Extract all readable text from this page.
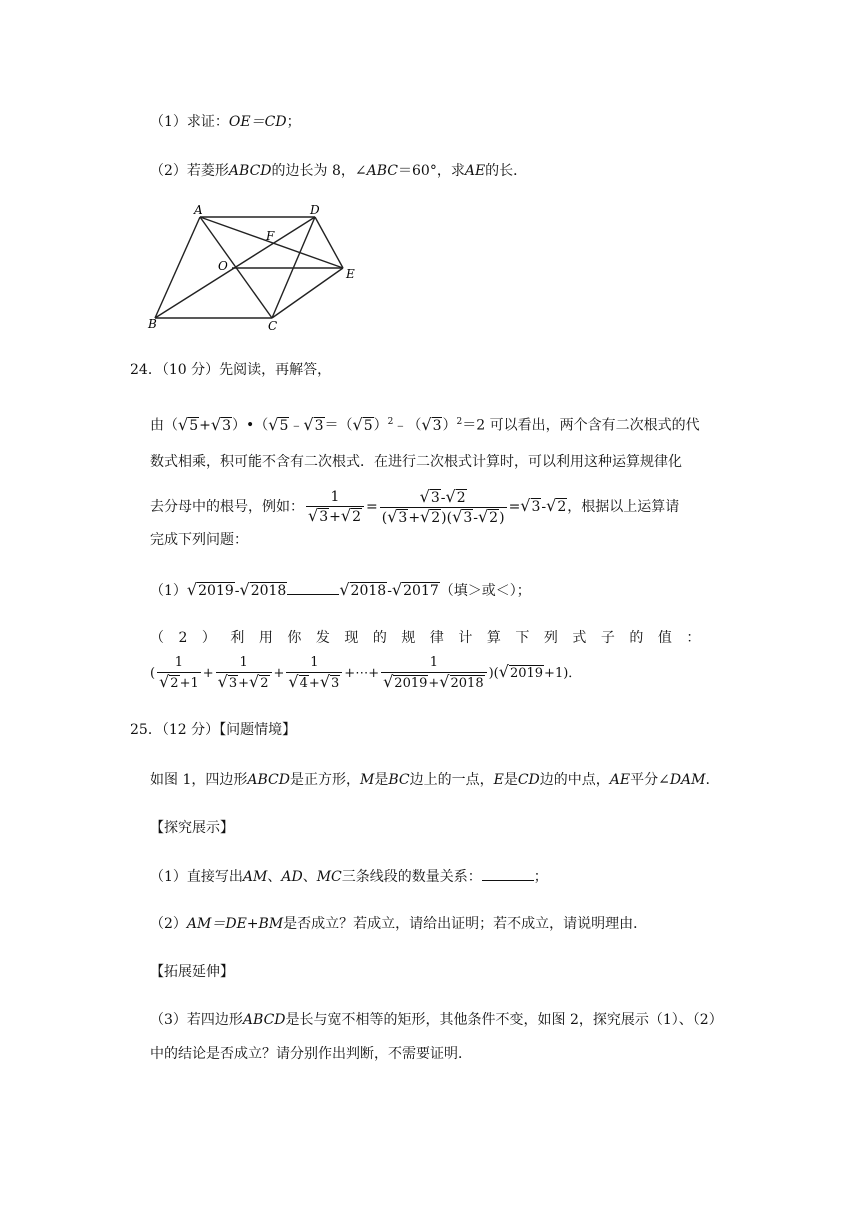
（1）求证：OE＝CD；
（2）若菱形ABCD的边长为 8，∠ABC＝60°，求AE的长．
A	D
F
O
E
B	C
24．（10 分）先阅读，再解答，
由$(√5+√3)•(√5﹣√3=(√5)^2﹣(√3)^2=2$ 可以看出，两个含有二次根式的代
数式相乘，积可能不含有二次根式．在进行二次根式计算时，可以利用这种运算规律化
去分母中的根号，例如： $\frac{1}{√3+√2} = \frac{√3-√2}{(√3+√2)(√3-√2)} =√3-√2$，根据以上运算请
完成下列问题：
（1）√2019-√2018	√2018-√2017（填＞或＜）；
（2）利用你发现的规律计算下列式子的值：
( $\frac{1}{√2+1} + \frac{1}{√3+√2} + \frac{1}{√4+√3}$ +⋯+ $\frac{1}{√2019+√2018} )(√2019+1)$．
25．（12 分）【问题情境】
如图 1，四边形ABCD是正方形，M是BC边上的一点，E是CD边的中点，AE平分∠DAM.
【探究展示】
（1）直接写出AM、AD、MC三条线段的数量关系：	；
（2）AM＝DE+BM是否成立？若成立，请给出证明；若不成立，请说明理由．
【拓展延伸】
（3）若四边形ABCD是长与宽不相等的矩形，其他条件不变，如图 2，探究展示（1）、（2）
中的结论是否成立？请分别作出判断，不需要证明．
